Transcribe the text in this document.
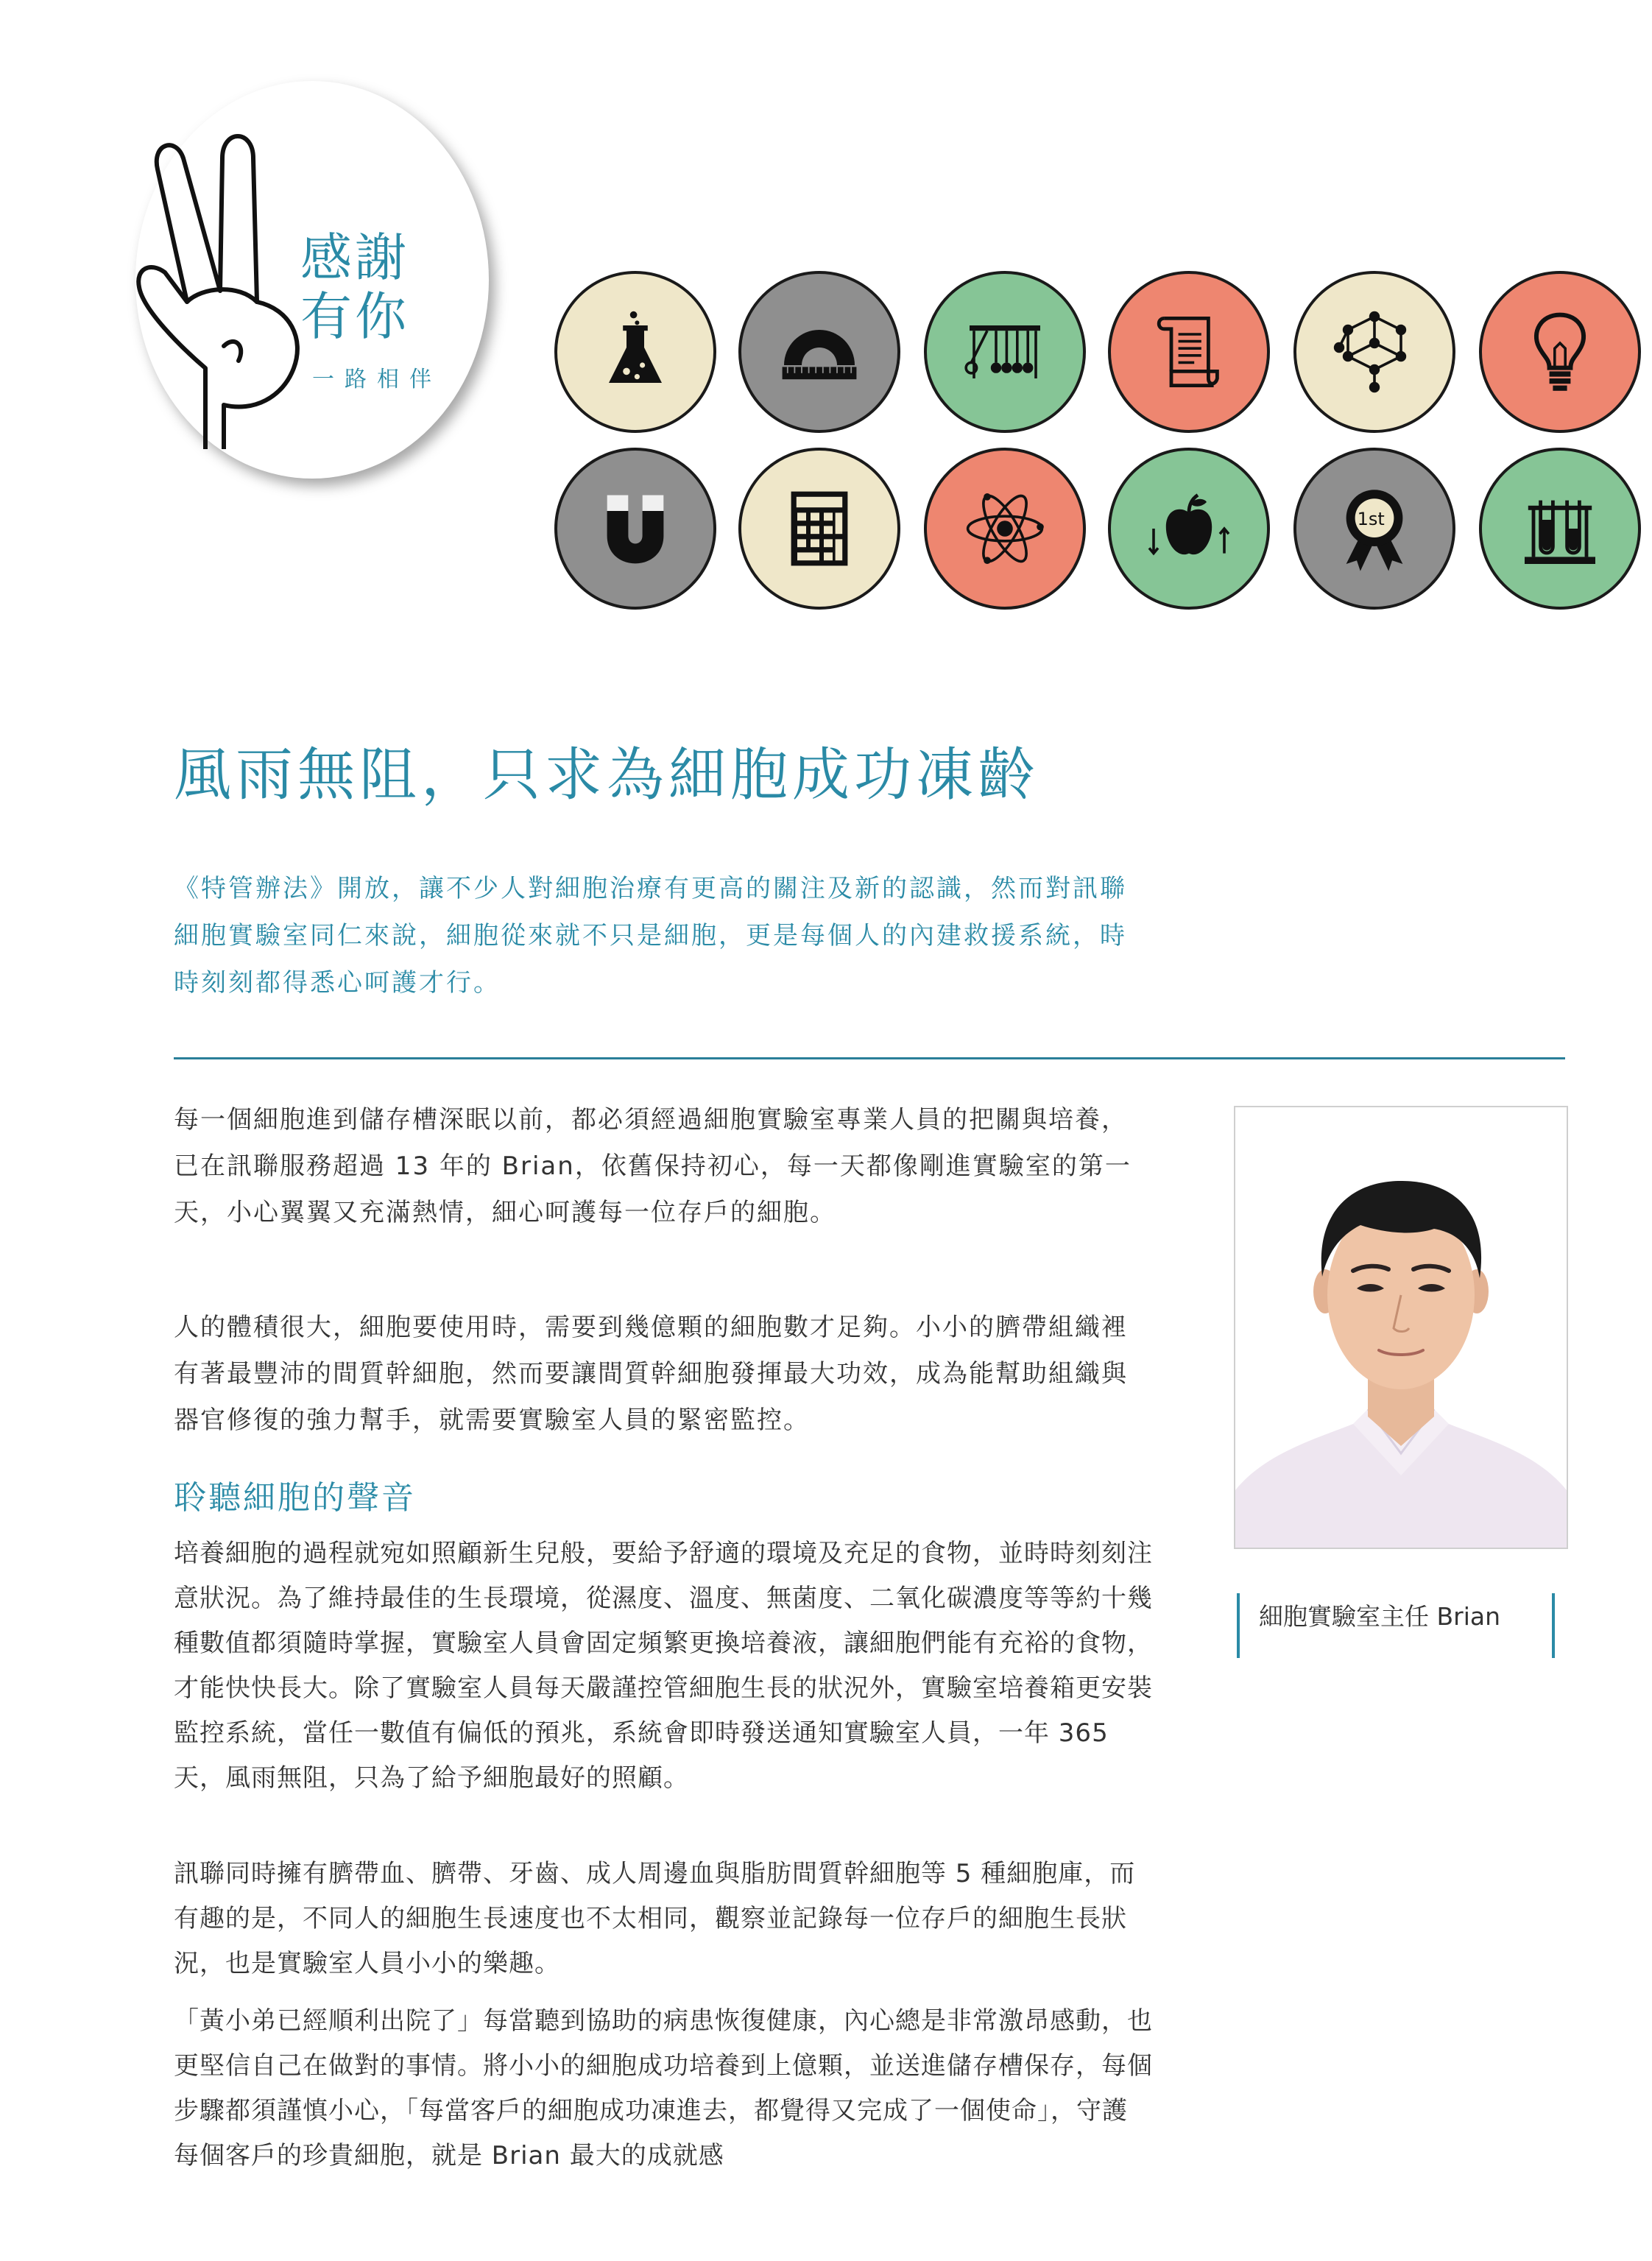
感謝
有你
一路相伴
1st
風雨無阻，只求為細胞成功凍齡
《特管辦法》開放，讓不少人對細胞治療有更高的關注及新的認識，然而對訊聯細胞實驗室同仁來說，細胞從來就不只是細胞，更是每個人的內建救援系統，時時刻刻都得悉心呵護才行。
每一個細胞進到儲存槽深眠以前，都必須經過細胞實驗室專業人員的把關與培養，已在訊聯服務超過 13 年的 Brian，依舊保持初心，每一天都像剛進實驗室的第一天，小心翼翼又充滿熱情，細心呵護每一位存戶的細胞。
人的體積很大，細胞要使用時，需要到幾億顆的細胞數才足夠。小小的臍帶組織裡有著最豐沛的間質幹細胞，然而要讓間質幹細胞發揮最大功效，成為能幫助組織與器官修復的強力幫手，就需要實驗室人員的緊密監控。
聆聽細胞的聲音
培養細胞的過程就宛如照顧新生兒般，要給予舒適的環境及充足的食物，並時時刻刻注意狀況。為了維持最佳的生長環境，從濕度、溫度、無菌度、二氧化碳濃度等等約十幾種數值都須隨時掌握，實驗室人員會固定頻繁更換培養液，讓細胞們能有充裕的食物，才能快快長大。除了實驗室人員每天嚴謹控管細胞生長的狀況外，實驗室培養箱更安裝監控系統，當任一數值有偏低的預兆，系統會即時發送通知實驗室人員，一年 365 天，風雨無阻，只為了給予細胞最好的照顧。
訊聯同時擁有臍帶血、臍帶、牙齒、成人周邊血與脂肪間質幹細胞等 5 種細胞庫，而有趣的是，不同人的細胞生長速度也不太相同，觀察並記錄每一位存戶的細胞生長狀況，也是實驗室人員小小的樂趣。
「黃小弟已經順利出院了」每當聽到協助的病患恢復健康，內心總是非常激昂感動，也更堅信自己在做對的事情。將小小的細胞成功培養到上億顆，並送進儲存槽保存，每個步驟都須謹慎小心，「每當客戶的細胞成功凍進去，都覺得又完成了一個使命」，守護每個客戶的珍貴細胞，就是 Brian 最大的成就感
細胞實驗室主任 Brian
